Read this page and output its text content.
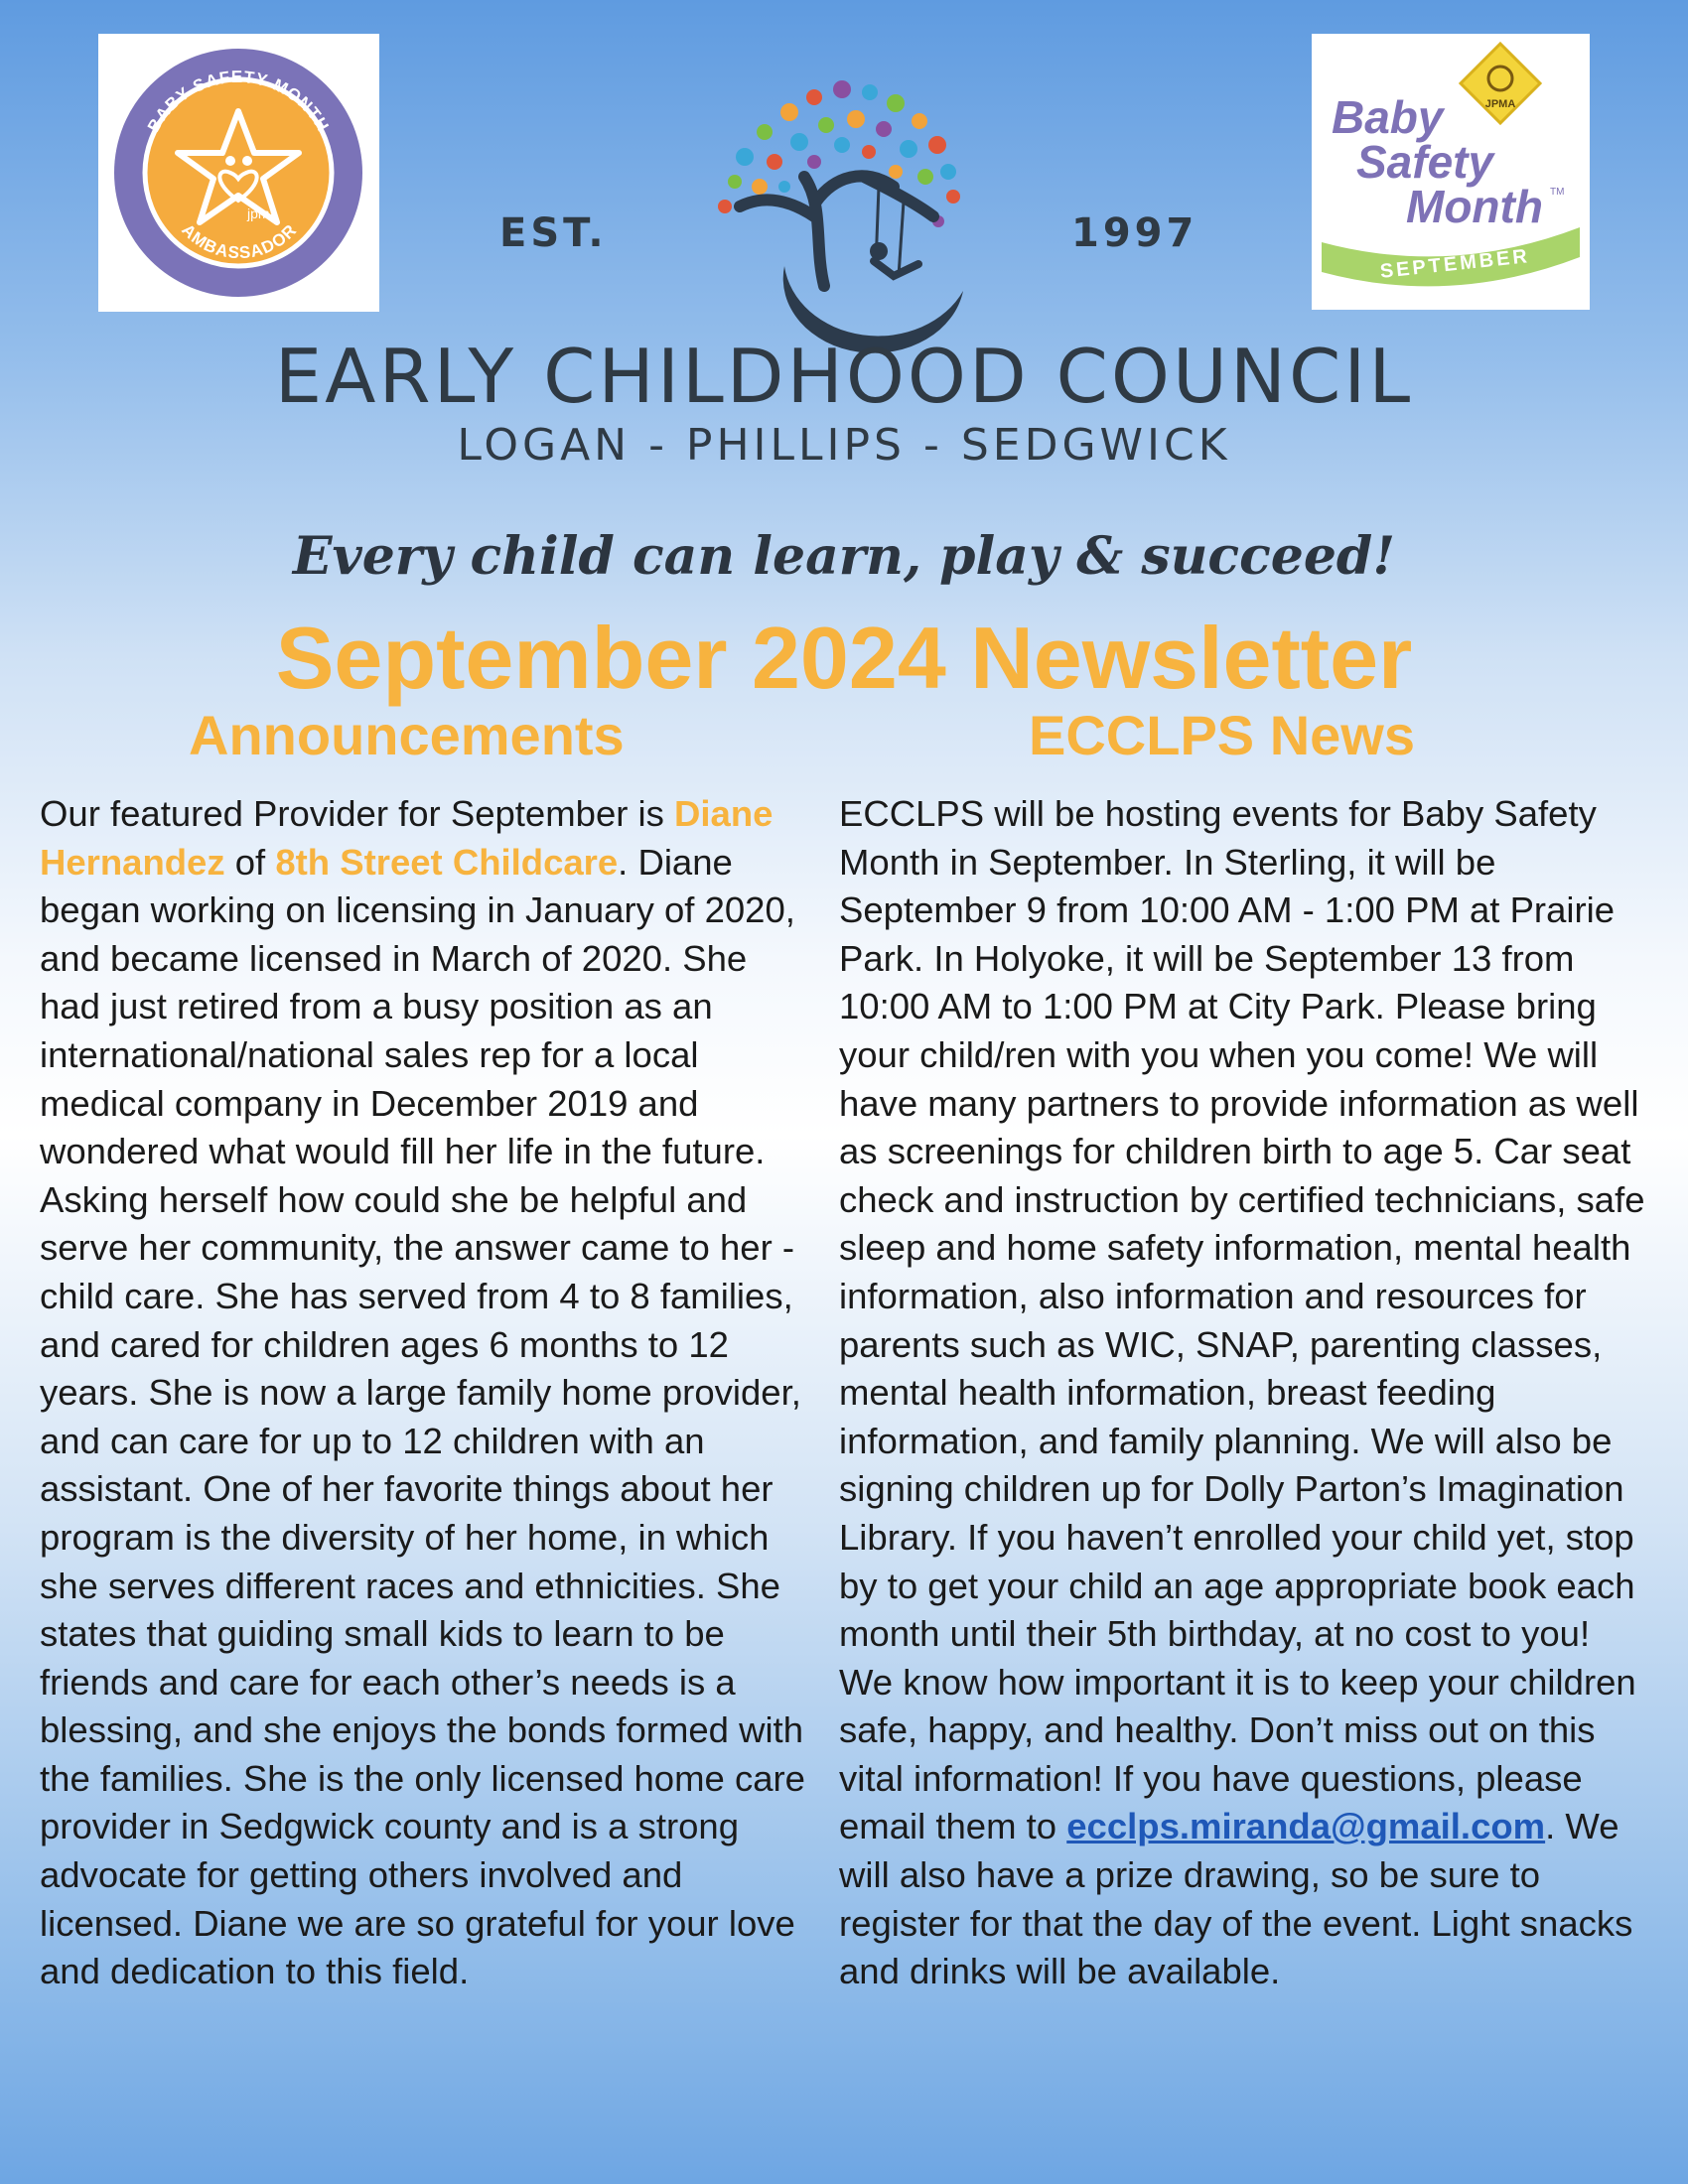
BABY SAFETY MONTH
AMBASSADOR
jpma	EST.	1997
JPMA
Baby
Safety
Month TM
SEPTEMBER
EARLY CHILDHOOD COUNCIL
LOGAN - PHILLIPS - SEDGWICK
Every child can learn, play & succeed!
September 2024 Newsletter
Announcements	ECCLPS News
Our featured Provider for September is Diane Hernandez of 8th Street Childcare. Diane began working on licensing in January of 2020, and became licensed in March of 2020. She had just retired from a busy position as an international/national sales rep for a local medical company in December 2019 and wondered what would fill her life in the future. Asking herself how could she be helpful and serve her community, the answer came to her - child care. She has served from 4 to 8 families, and cared for children ages 6 months to 12 years. She is now a large family home provider, and can care for up to 12 children with an assistant. One of her favorite things about her program is the diversity of her home, in which she serves different races and ethnicities. She states that guiding small kids to learn to be friends and care for each other’s needs is a blessing, and she enjoys the bonds formed with the families. She is the only licensed home care provider in Sedgwick county and is a strong advocate for getting others involved and licensed. Diane we are so grateful for your love and dedication to this field.
ECCLPS will be hosting events for Baby Safety Month in September. In Sterling, it will be September 9 from 10:00 AM - 1:00 PM at Prairie Park. In Holyoke, it will be September 13 from 10:00 AM to 1:00 PM at City Park. Please bring your child/ren with you when you come! We will have many partners to provide information as well as screenings for children birth to age 5. Car seat check and instruction by certified technicians, safe sleep and home safety information, mental health information, also information and resources for parents such as WIC, SNAP, parenting classes, mental health information, breast feeding information, and family planning. We will also be signing children up for Dolly Parton’s Imagination Library. If you haven’t enrolled your child yet, stop by to get your child an age appropriate book each month until their 5th birthday, at no cost to you! We know how important it is to keep your children safe, happy, and healthy. Don’t miss out on this vital information! If you have questions, please email them to ecclps.miranda@gmail.com. We will also have a prize drawing, so be sure to register for that the day of the event. Light snacks and drinks will be available.
